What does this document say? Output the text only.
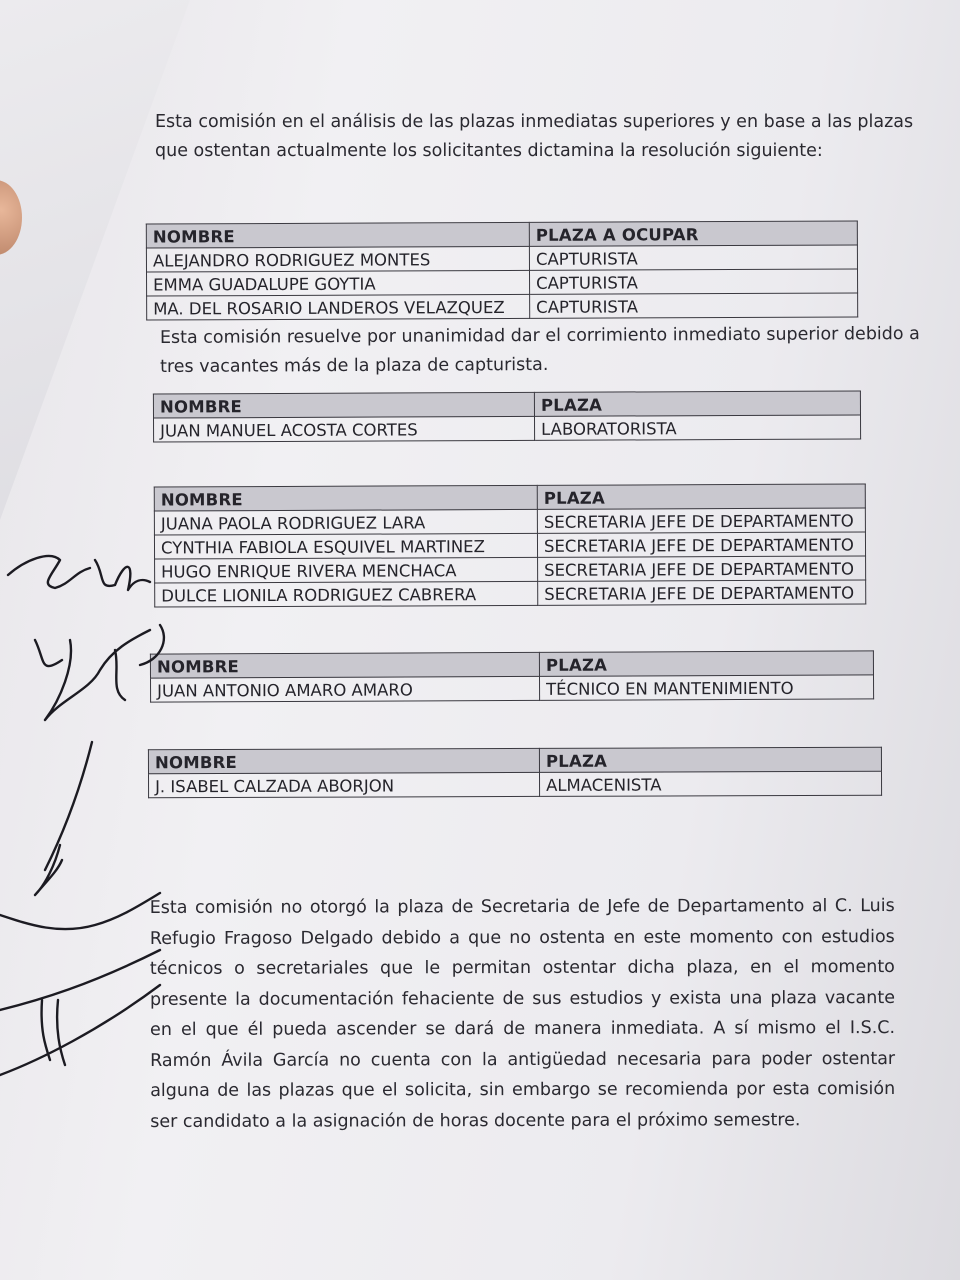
Esta comisión en el análisis de las plazas inmediatas superiores y en base a las plazas
que ostentan actualmente los solicitantes dictamina la resolución siguiente:
NOMBRE	PLAZA A OCUPAR
ALEJANDRO RODRIGUEZ MONTES	CAPTURISTA
EMMA GUADALUPE GOYTIA	CAPTURISTA
MA. DEL ROSARIO LANDEROS VELAZQUEZ	CAPTURISTA
Esta comisión resuelve por unanimidad dar el corrimiento inmediato superior debido a
tres vacantes más de la plaza de capturista.
NOMBRE	PLAZA
JUAN MANUEL ACOSTA CORTES	LABORATORISTA
NOMBRE	PLAZA
JUANA PAOLA RODRIGUEZ LARA	SECRETARIA JEFE DE DEPARTAMENTO
CYNTHIA FABIOLA ESQUIVEL MARTINEZ	SECRETARIA JEFE DE DEPARTAMENTO
HUGO ENRIQUE RIVERA MENCHACA	SECRETARIA JEFE DE DEPARTAMENTO
DULCE LIONILA RODRIGUEZ CABRERA	SECRETARIA JEFE DE DEPARTAMENTO
NOMBRE	PLAZA
JUAN ANTONIO AMARO AMARO	TÉCNICO EN MANTENIMIENTO
NOMBRE	PLAZA
J. ISABEL CALZADA ABORJON	ALMACENISTA
Esta comisión no otorgó la plaza de Secretaria de Jefe de Departamento al C. Luis Refugio Fragoso Delgado debido a que no ostenta en este momento con estudios técnicos o secretariales que le permitan ostentar dicha plaza, en el momento presente la documentación fehaciente de sus estudios y exista una plaza vacante en el que él pueda ascender se dará de manera inmediata. A sí mismo el I.S.C. Ramón Ávila García no cuenta con la antigüedad necesaria para poder ostentar alguna de las plazas que el solicita, sin embargo se recomienda por esta comisión ser candidato a la asignación de horas docente para el próximo semestre.
